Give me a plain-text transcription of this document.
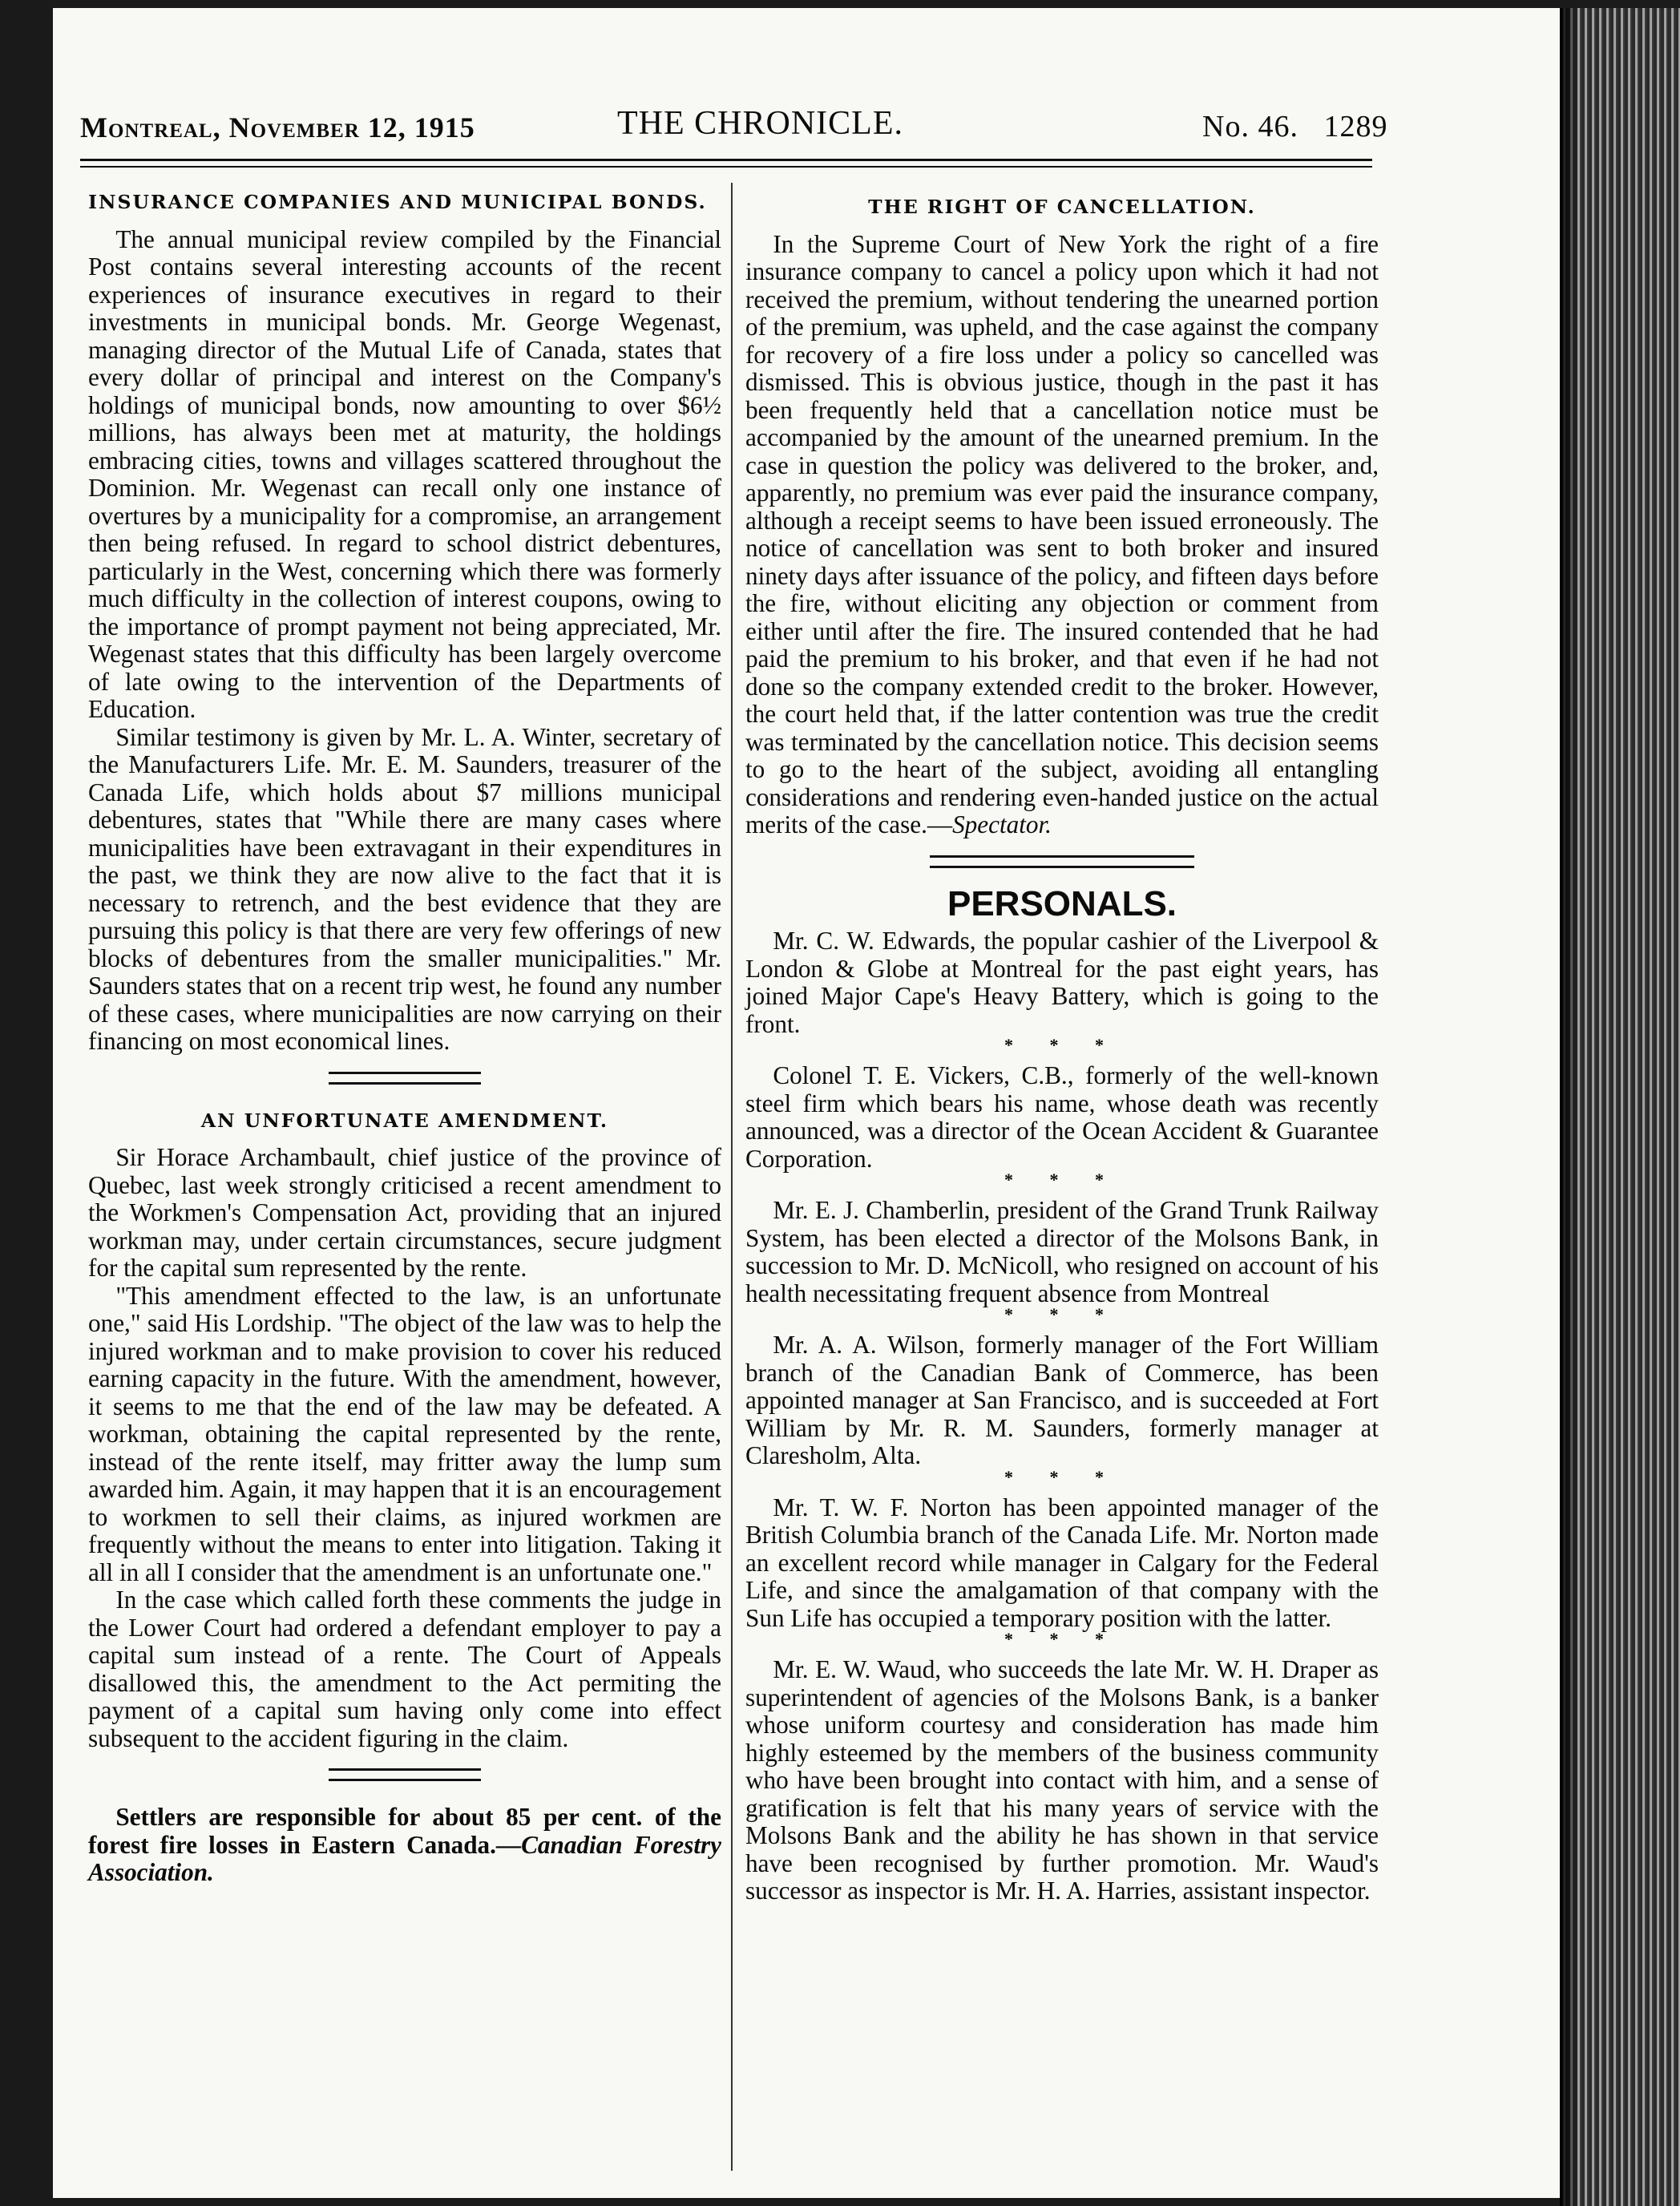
Montreal, November 12, 1915	THE CHRONICLE.	No. 46.   1289
INSURANCE COMPANIES AND MUNICIPAL BONDS.

The annual municipal review compiled by the Financial Post contains several interesting accounts of the recent experiences of insurance executives in regard to their investments in municipal bonds. Mr. George Wegenast, managing director of the Mutual Life of Canada, states that every dollar of principal and interest on the Company's holdings of municipal bonds, now amounting to over $6½ millions, has always been met at maturity, the holdings embracing cities, towns and villages scattered throughout the Dominion. Mr. Wegenast can recall only one instance of overtures by a municipality for a compromise, an arrangement then being refused. In regard to school district debentures, particularly in the West, concerning which there was formerly much difficulty in the collection of interest coupons, owing to the importance of prompt payment not being appreciated, Mr. Wegenast states that this difficulty has been largely overcome of late owing to the intervention of the Departments of Education.

Similar testimony is given by Mr. L. A. Winter, secretary of the Manufacturers Life. Mr. E. M. Saunders, treasurer of the Canada Life, which holds about $7 millions municipal debentures, states that "While there are many cases where municipalities have been extravagant in their expenditures in the past, we think they are now alive to the fact that it is necessary to retrench, and the best evidence that they are pursuing this policy is that there are very few offerings of new blocks of debentures from the smaller municipalities." Mr. Saunders states that on a recent trip west, he found any number of these cases, where municipalities are now carrying on their financing on most economical lines.

AN UNFORTUNATE AMENDMENT.

Sir Horace Archambault, chief justice of the province of Quebec, last week strongly criticised a recent amendment to the Workmen's Compensation Act, providing that an injured workman may, under certain circumstances, secure judgment for the capital sum represented by the rente.

"This amendment effected to the law, is an unfortunate one," said His Lordship. "The object of the law was to help the injured workman and to make provision to cover his reduced earning capacity in the future. With the amendment, however, it seems to me that the end of the law may be defeated. A workman, obtaining the capital represented by the rente, instead of the rente itself, may fritter away the lump sum awarded him. Again, it may happen that it is an encouragement to workmen to sell their claims, as injured workmen are frequently without the means to enter into litigation. Taking it all in all I consider that the amendment is an unfortunate one."

In the case which called forth these comments the judge in the Lower Court had ordered a defendant employer to pay a capital sum instead of a rente. The Court of Appeals disallowed this, the amendment to the Act permiting the payment of a capital sum having only come into effect subsequent to the accident figuring in the claim.

Settlers are responsible for about 85 per cent. of the forest fire losses in Eastern Canada.—Canadian Forestry Association.

THE RIGHT OF CANCELLATION.

In the Supreme Court of New York the right of a fire insurance company to cancel a policy upon which it had not received the premium, without tendering the unearned portion of the premium, was upheld, and the case against the company for recovery of a fire loss under a policy so cancelled was dismissed. This is obvious justice, though in the past it has been frequently held that a cancellation notice must be accompanied by the amount of the unearned premium. In the case in question the policy was delivered to the broker, and, apparently, no premium was ever paid the insurance company, although a receipt seems to have been issued erroneously. The notice of cancellation was sent to both broker and insured ninety days after issuance of the policy, and fifteen days before the fire, without eliciting any objection or comment from either until after the fire. The insured contended that he had paid the premium to his broker, and that even if he had not done so the company extended credit to the broker. However, the court held that, if the latter contention was true the credit was terminated by the cancellation notice. This decision seems to go to the heart of the subject, avoiding all entangling considerations and rendering even-handed justice on the actual merits of the case.—Spectator.

PERSONALS.

Mr. C. W. Edwards, the popular cashier of the Liverpool & London & Globe at Montreal for the past eight years, has joined Major Cape's Heavy Battery, which is going to the front.

* * *

Colonel T. E. Vickers, C.B., formerly of the well-known steel firm which bears his name, whose death was recently announced, was a director of the Ocean Accident & Guarantee Corporation.

* * *

Mr. E. J. Chamberlin, president of the Grand Trunk Railway System, has been elected a director of the Molsons Bank, in succession to Mr. D. McNicoll, who resigned on account of his health necessitating frequent absence from Montreal

* * *

Mr. A. A. Wilson, formerly manager of the Fort William branch of the Canadian Bank of Commerce, has been appointed manager at San Francisco, and is succeeded at Fort William by Mr. R. M. Saunders, formerly manager at Claresholm, Alta.

* * *

Mr. T. W. F. Norton has been appointed manager of the British Columbia branch of the Canada Life. Mr. Norton made an excellent record while manager in Calgary for the Federal Life, and since the amalgamation of that company with the Sun Life has occupied a temporary position with the latter.

* * *

Mr. E. W. Waud, who succeeds the late Mr. W. H. Draper as superintendent of agencies of the Molsons Bank, is a banker whose uniform courtesy and consideration has made him highly esteemed by the members of the business community who have been brought into contact with him, and a sense of gratification is felt that his many years of service with the Molsons Bank and the ability he has shown in that service have been recognised by further promotion. Mr. Waud's successor as inspector is Mr. H. A. Harries, assistant inspector.
